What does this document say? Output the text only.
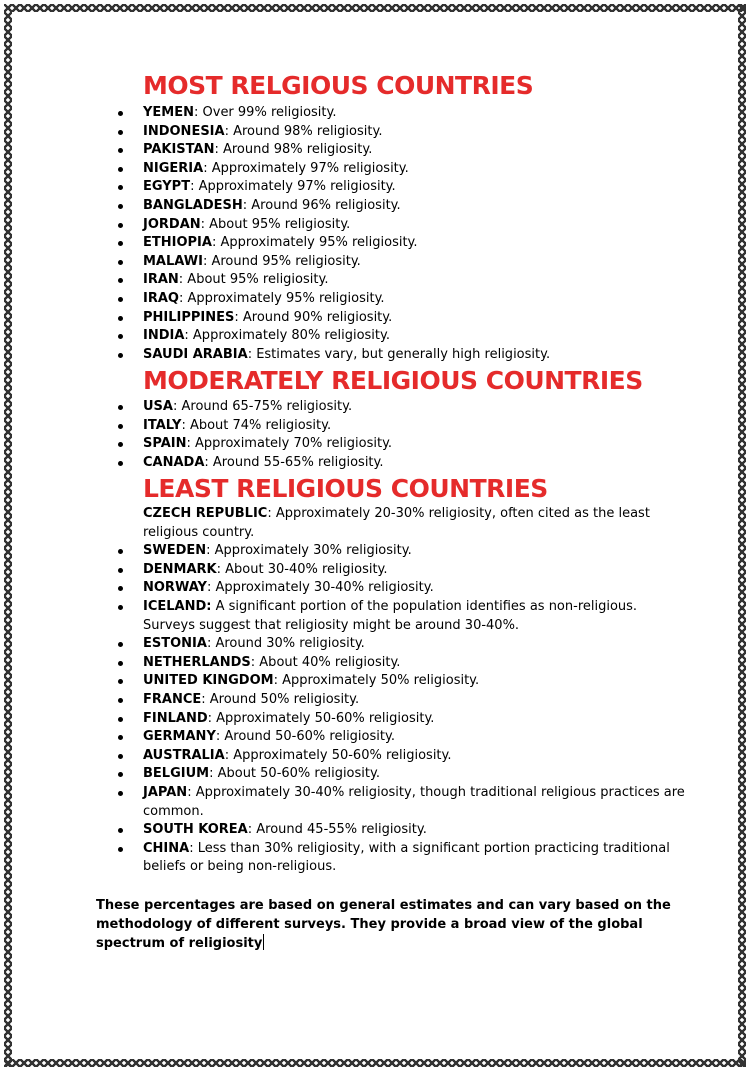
MOST RELGIOUS COUNTRIES
YEMEN: Over 99% religiosity.
INDONESIA: Around 98% religiosity.
PAKISTAN: Around 98% religiosity.
NIGERIA: Approximately 97% religiosity.
EGYPT: Approximately 97% religiosity.
BANGLADESH: Around 96% religiosity.
JORDAN: About 95% religiosity.
ETHIOPIA: Approximately 95% religiosity.
MALAWI: Around 95% religiosity.
IRAN: About 95% religiosity.
IRAQ: Approximately 95% religiosity.
PHILIPPINES: Around 90% religiosity.
INDIA: Approximately 80% religiosity.
SAUDI ARABIA: Estimates vary, but generally high religiosity.
MODERATELY RELIGIOUS COUNTRIES
USA: Around 65-75% religiosity.
ITALY: About 74% religiosity.
SPAIN: Approximately 70% religiosity.
CANADA: Around 55-65% religiosity.
LEAST RELIGIOUS COUNTRIES
CZECH REPUBLIC: Approximately 20-30% religiosity, often cited as the least religious country.
SWEDEN: Approximately 30% religiosity.
DENMARK: About 30-40% religiosity.
NORWAY: Approximately 30-40% religiosity.
ICELAND: A significant portion of the population identifies as non-religious. Surveys suggest that religiosity might be around 30-40%.
ESTONIA: Around 30% religiosity.
NETHERLANDS: About 40% religiosity.
UNITED KINGDOM: Approximately 50% religiosity.
FRANCE: Around 50% religiosity.
FINLAND: Approximately 50-60% religiosity.
GERMANY: Around 50-60% religiosity.
AUSTRALIA: Approximately 50-60% religiosity.
BELGIUM: About 50-60% religiosity.
JAPAN: Approximately 30-40% religiosity, though traditional religious practices are common.
SOUTH KOREA: Around 45-55% religiosity.
CHINA: Less than 30% religiosity, with a significant portion practicing traditional beliefs or being non-religious.
These percentages are based on general estimates and can vary based on the methodology of different surveys. They provide a broad view of the global spectrum of religiosity
